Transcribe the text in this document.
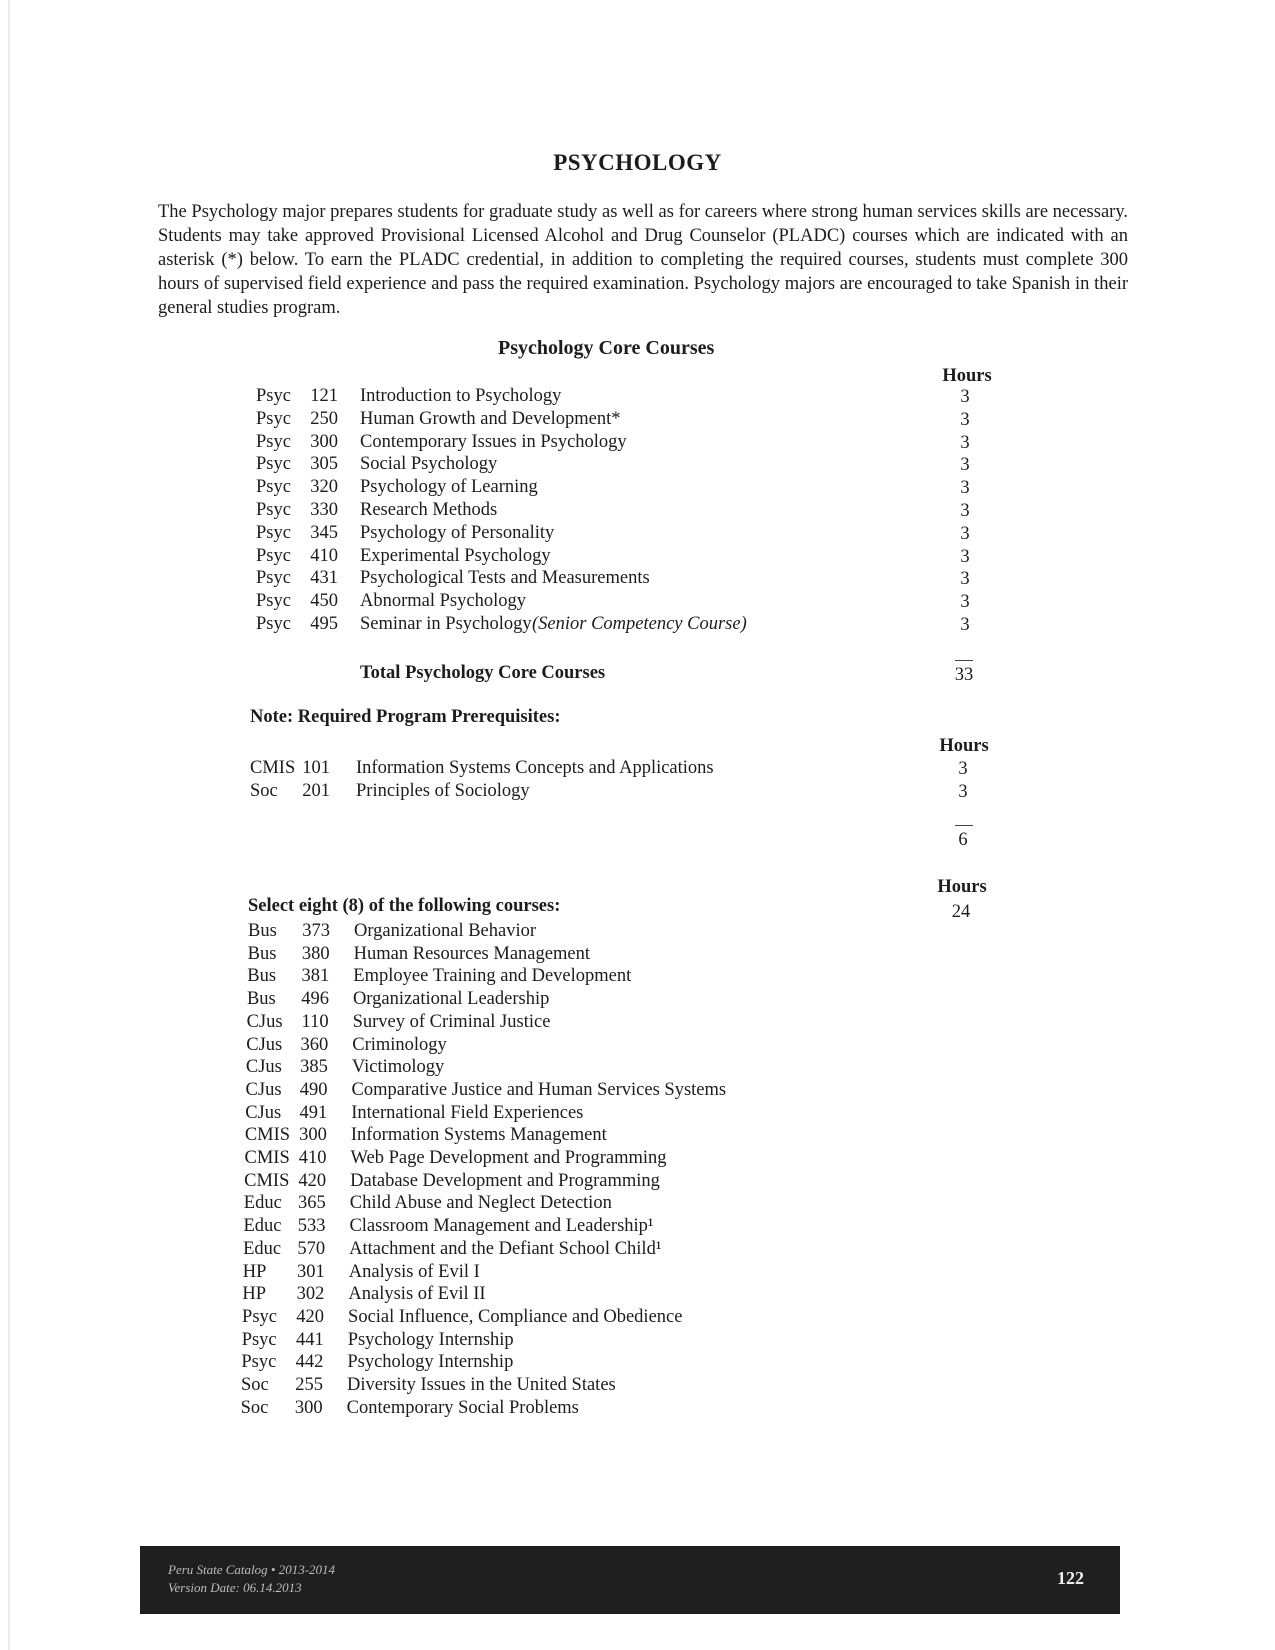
PSYCHOLOGY
The Psychology major prepares students for graduate study as well as for careers where strong human services skills are necessary. Students may take approved Provisional Licensed Alcohol and Drug Counselor (PLADC) courses which are indicated with an asterisk (*) below. To earn the PLADC credential, in addition to completing the required courses, students must complete 300 hours of supervised field experience and pass the required examination. Psychology majors are encouraged to take Spanish in their general studies program.
Psychology Core Courses
Hours
Psyc	121 Introduction to Psychology	3
Psyc	250 Human Growth and Development*	3
Psyc	300 Contemporary Issues in Psychology	3
Psyc	305 Social Psychology	3
Psyc	320 Psychology of Learning	3
Psyc	330 Research Methods	3
Psyc	345 Psychology of Personality	3
Psyc	410 Experimental Psychology	3
Psyc	431 Psychological Tests and Measurements	3
Psyc	450 Abnormal Psychology	3
Psyc	495 Seminar in Psychology (Senior Competency Course)	3
Total Psychology Core Courses	33
Note: Required Program Prerequisites:
Hours
CMIS 101 Information Systems Concepts and Applications	3
Soc	201 Principles of Sociology	3
6
Hours
24
Select eight (8) of the following courses:
Bus	373 Organizational Behavior
Bus	380 Human Resources Management
Bus	381 Employee Training and Development
Bus	496 Organizational Leadership
CJus	110 Survey of Criminal Justice
CJus 360 Criminology
CJus 385 Victimology
CJus 490 Comparative Justice and Human Services Systems
CJus 491 International Field Experiences
CMIS 300 Information Systems Management
CMIS 410 Web Page Development and Programming
CMIS 420 Database Development and Programming
Educ 365 Child Abuse and Neglect Detection
Educ 533 Classroom Management and Leadership¹
Educ 570 Attachment and the Defiant School Child¹
HP	301 Analysis of Evil I
HP	302 Analysis of Evil II
Psyc	420 Social Influence, Compliance and Obedience
Psyc	441 Psychology Internship
Psyc	442 Psychology Internship
Soc	255 Diversity Issues in the United States
Soc	300 Contemporary Social Problems
Peru State Catalog • 2013-2014
Version Date: 06.14.2013	122
